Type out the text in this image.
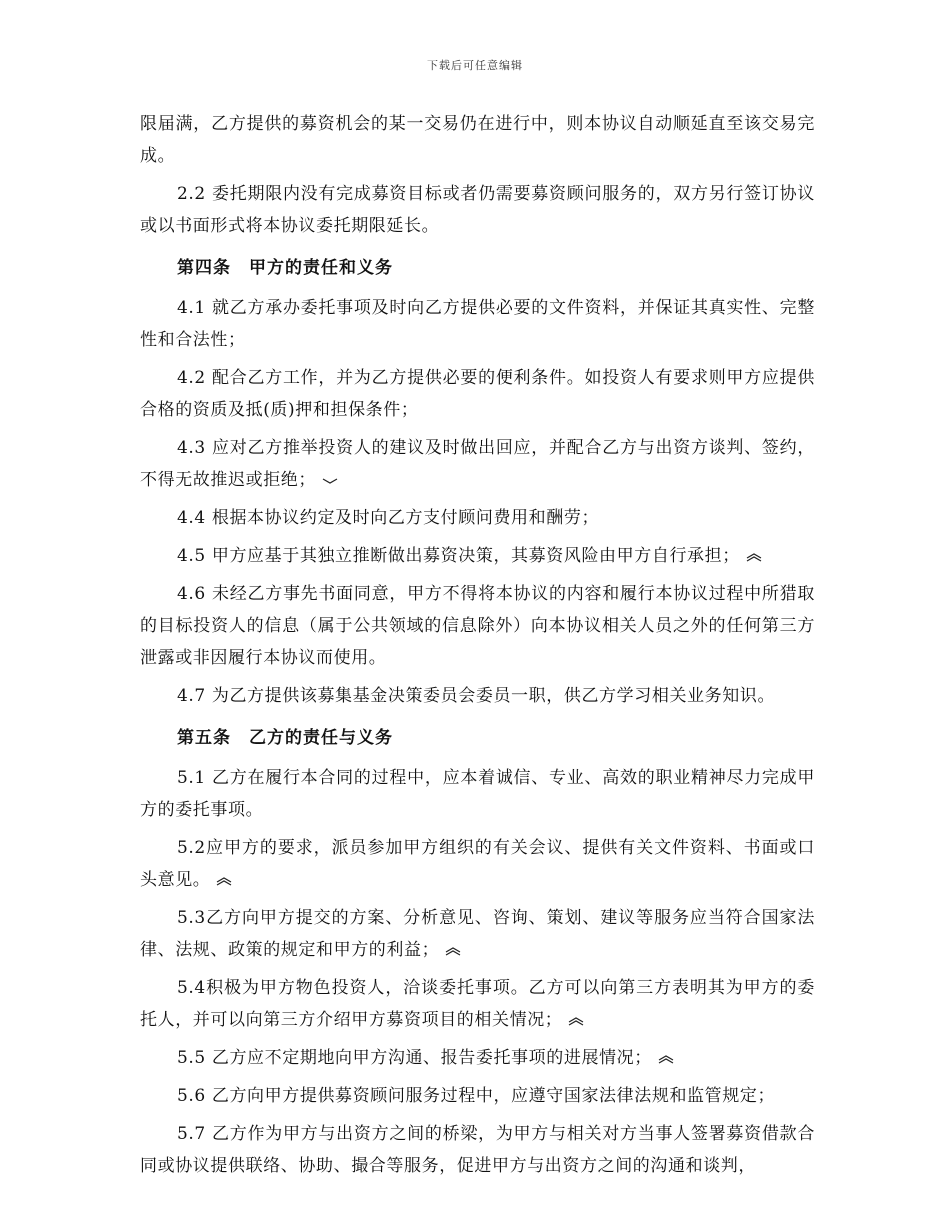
下载后可任意编辑

限届满，乙方提供的募资机会的某一交易仍在进行中，则本协议自动顺延直至该交易完成。

2.2 委托期限内没有完成募资目标或者仍需要募资顾问服务的，双方另行签订协议或以书面形式将本协议委托期限延长。

第四条　甲方的责任和义务

4.1 就乙方承办委托事项及时向乙方提供必要的文件资料，并保证其真实性、完整性和合法性；

4.2 配合乙方工作，并为乙方提供必要的便利条件。如投资人有要求则甲方应提供合格的资质及抵(质)押和担保条件；

4.3 应对乙方推举投资人的建议及时做出回应，并配合乙方与出资方谈判、签约，不得无故推迟或拒绝；

4.4 根据本协议约定及时向乙方支付顾问费用和酬劳；

4.5 甲方应基于其独立推断做出募资决策，其募资风险由甲方自行承担；

4.6 未经乙方事先书面同意，甲方不得将本协议的内容和履行本协议过程中所猎取的目标投资人的信息（属于公共领域的信息除外）向本协议相关人员之外的任何第三方泄露或非因履行本协议而使用。

4.7 为乙方提供该募集基金决策委员会委员一职，供乙方学习相关业务知识。

第五条　乙方的责任与义务

5.1 乙方在履行本合同的过程中，应本着诚信、专业、高效的职业精神尽力完成甲方的委托事项。

5.2应甲方的要求，派员参加甲方组织的有关会议、提供有关文件资料、书面或口头意见。

5.3乙方向甲方提交的方案、分析意见、咨询、策划、建议等服务应当符合国家法律、法规、政策的规定和甲方的利益；

5.4积极为甲方物色投资人，洽谈委托事项。乙方可以向第三方表明其为甲方的委托人，并可以向第三方介绍甲方募资项目的相关情况；

5.5 乙方应不定期地向甲方沟通、报告委托事项的进展情况；

5.6 乙方向甲方提供募资顾问服务过程中，应遵守国家法律法规和监管规定；

5.7 乙方作为甲方与出资方之间的桥梁，为甲方与相关对方当事人签署募资借款合同或协议提供联络、协助、撮合等服务，促进甲方与出资方之间的沟通和谈判，
